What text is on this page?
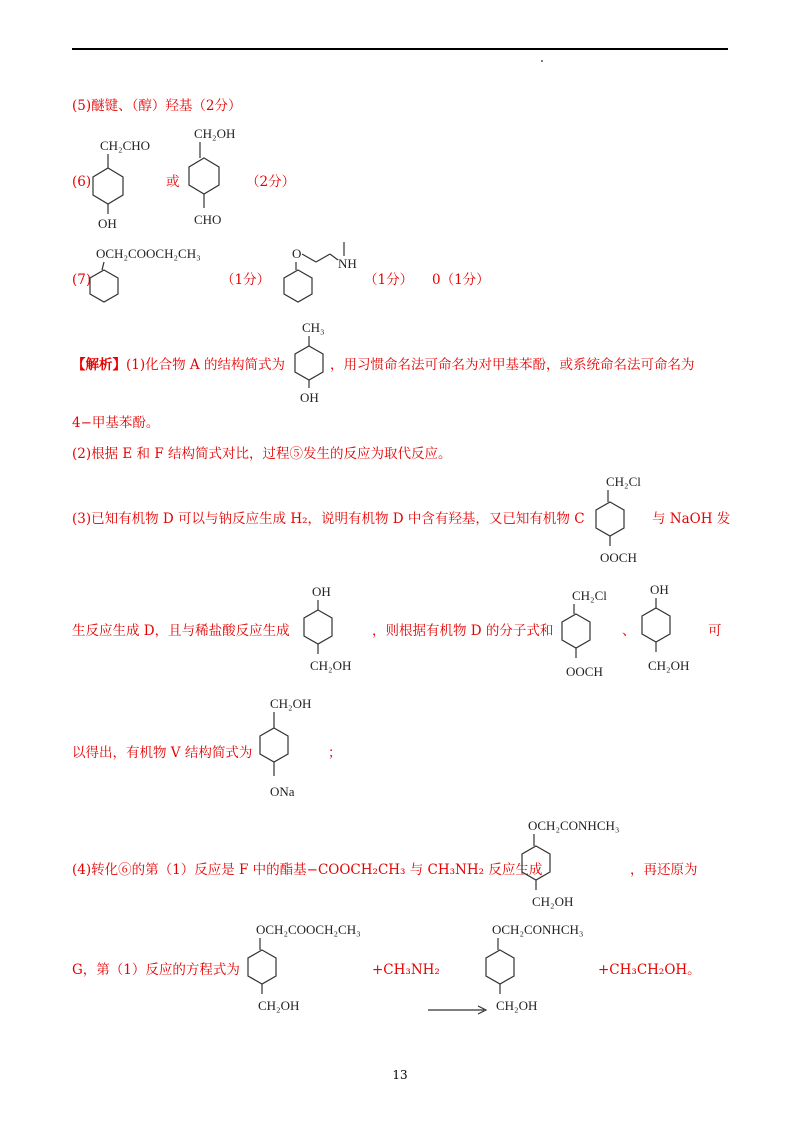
(5)醚键、（醇）羟基（2分）
(6)
CH₂CHO
OH
或
CH₂OH
CHO
（2分）
(7)
OCH₂COOCH₂CH₃
（1分）
O
NH
（1分） 0（1分）
【解析】(1)化合物 A 的结构简式为
CH₃
OH
，用习惯命名法可命名为对甲基苯酚，或系统命名法可命名为
4−甲基苯酚。
(2)根据 E 和 F 结构简式对比，过程⑤发生的反应为取代反应。
(3)已知有机物 D 可以与钠反应生成 H₂，说明有机物 D 中含有羟基，又已知有机物 C
CH₂Cl
OOCH
与 NaOH 发
生反应生成 D，且与稀盐酸反应生成
OH
CH₂OH
，则根据有机物 D 的分子式和
CH₂Cl
OOCH
、
OH
CH₂OH
可
以得出，有机物 V 结构简式为
CH₂OH
ONa
；
(4)转化⑥的第（1）反应是 F 中的酯基−COOCH₂CH₃ 与 CH₃NH₂ 反应生成
OCH₂CONHCH₃
CH₂OH
，再还原为
G，第（1）反应的方程式为
OCH₂COOCH₂CH₃
CH₂OH
+CH₃NH₂
OCH₂CONHCH₃
CH₂OH
+CH₃CH₂OH。
13
